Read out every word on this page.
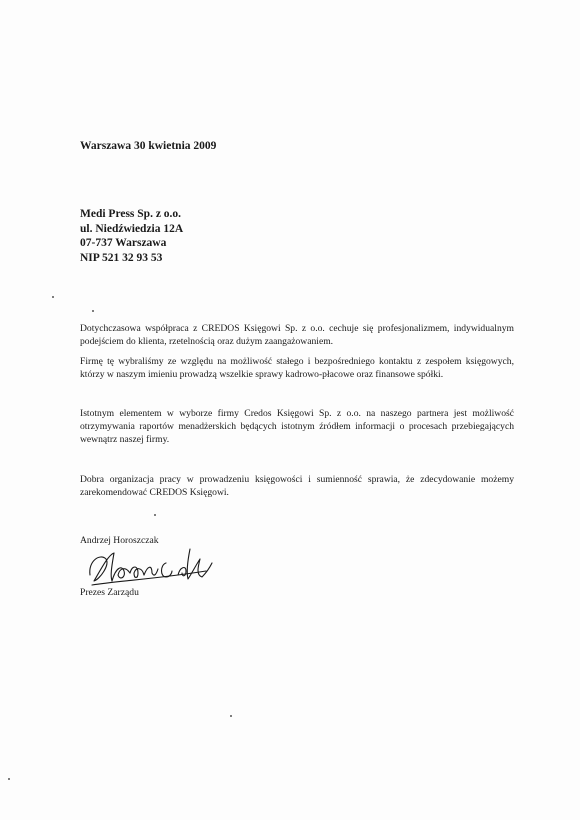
Warszawa 30 kwietnia 2009
Medi Press Sp. z o.o.
ul. Niedźwiedzia 12A
07-737 Warszawa
NIP 521 32 93 53
Dotychczasowa współpraca z CREDOS Księgowi Sp. z o.o. cechuje się profesjonalizmem, indywidualnym podejściem do klienta, rzetelnością oraz dużym zaangażowaniem.
Firmę tę wybraliśmy ze względu na możliwość stałego i bezpośredniego kontaktu z zespołem księgowych, którzy w naszym imieniu prowadzą wszelkie sprawy kadrowo-płacowe oraz finansowe spółki.
Istotnym elementem w wyborze firmy Credos Księgowi Sp. z o.o. na naszego partnera jest możliwość otrzymywania raportów menadżerskich będących istotnym źródłem informacji o procesach przebiegających wewnątrz naszej firmy.
Dobra organizacja pracy w prowadzeniu księgowości i sumienność sprawia, że zdecydowanie możemy zarekomendować CREDOS Księgowi.
Andrzej Horoszczak
Prezes Zarządu
